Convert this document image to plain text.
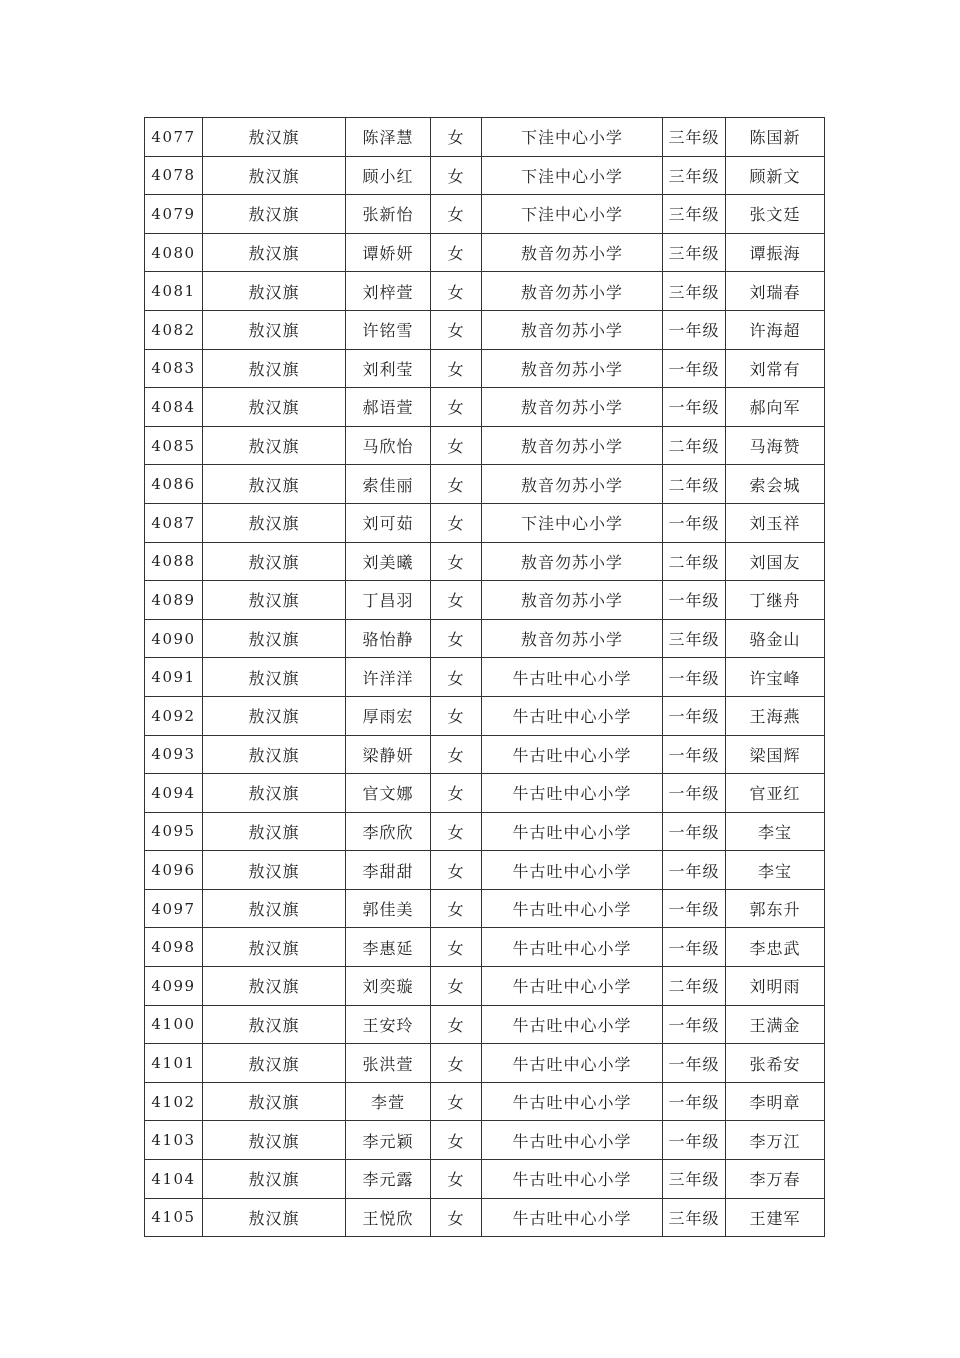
4077	敖汉旗	陈泽慧	女	下洼中心小学	三年级	陈国新
4078	敖汉旗	顾小红	女	下洼中心小学	三年级	顾新文
4079	敖汉旗	张新怡	女	下洼中心小学	三年级	张文廷
4080	敖汉旗	谭娇妍	女	敖音勿苏小学	三年级	谭振海
4081	敖汉旗	刘梓萱	女	敖音勿苏小学	三年级	刘瑞春
4082	敖汉旗	许铭雪	女	敖音勿苏小学	一年级	许海超
4083	敖汉旗	刘利莹	女	敖音勿苏小学	一年级	刘常有
4084	敖汉旗	郝语萱	女	敖音勿苏小学	一年级	郝向军
4085	敖汉旗	马欣怡	女	敖音勿苏小学	二年级	马海赞
4086	敖汉旗	索佳丽	女	敖音勿苏小学	二年级	索会城
4087	敖汉旗	刘可茹	女	下洼中心小学	一年级	刘玉祥
4088	敖汉旗	刘美曦	女	敖音勿苏小学	二年级	刘国友
4089	敖汉旗	丁昌羽	女	敖音勿苏小学	一年级	丁继舟
4090	敖汉旗	骆怡静	女	敖音勿苏小学	三年级	骆金山
4091	敖汉旗	许洋洋	女	牛古吐中心小学	一年级	许宝峰
4092	敖汉旗	厚雨宏	女	牛古吐中心小学	一年级	王海燕
4093	敖汉旗	梁静妍	女	牛古吐中心小学	一年级	梁国辉
4094	敖汉旗	官文娜	女	牛古吐中心小学	一年级	官亚红
4095	敖汉旗	李欣欣	女	牛古吐中心小学	一年级	李宝
4096	敖汉旗	李甜甜	女	牛古吐中心小学	一年级	李宝
4097	敖汉旗	郭佳美	女	牛古吐中心小学	一年级	郭东升
4098	敖汉旗	李惠延	女	牛古吐中心小学	一年级	李忠武
4099	敖汉旗	刘奕璇	女	牛古吐中心小学	二年级	刘明雨
4100	敖汉旗	王安玲	女	牛古吐中心小学	一年级	王满金
4101	敖汉旗	张洪萱	女	牛古吐中心小学	一年级	张希安
4102	敖汉旗	李萱	女	牛古吐中心小学	一年级	李明章
4103	敖汉旗	李元颖	女	牛古吐中心小学	一年级	李万江
4104	敖汉旗	李元露	女	牛古吐中心小学	三年级	李万春
4105	敖汉旗	王悦欣	女	牛古吐中心小学	三年级	王建军
